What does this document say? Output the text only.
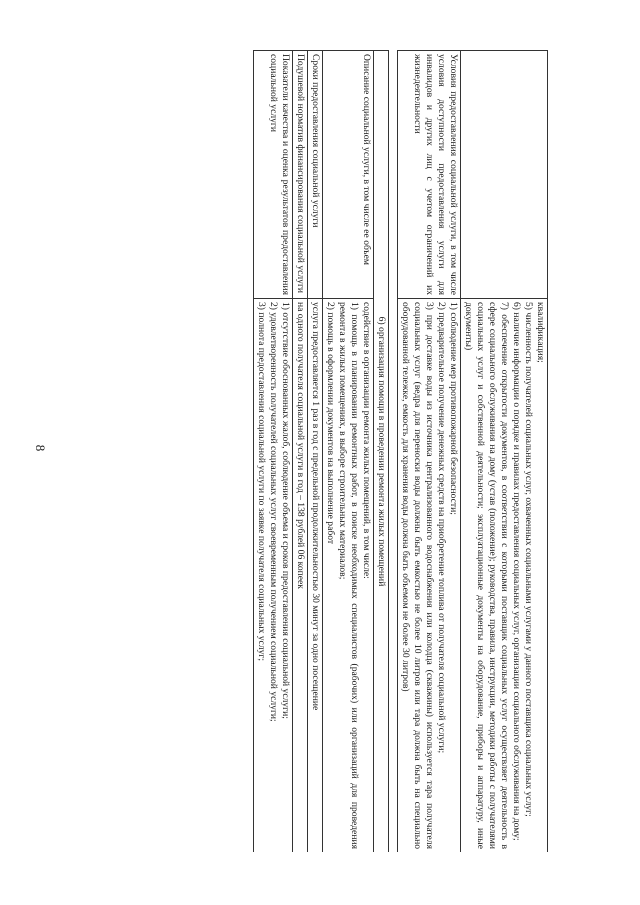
8

	квалификация;
5) численность получателей социальных услуг, охваченных социальными услугами у данного поставщика социальных услуг;
6) наличие информации о порядке и правилах предоставления социальных услуг, организации социального обслуживания на дому;
7) обеспечение открытости документов, в соответствии с которыми поставщик социальных услуг осуществляет деятельность в сфере социального обслуживания на дому (устав (положение); руководства, правила, инструкции, методики работы с получателями социальных услуг и собственной деятельности; эксплуатационные документы на оборудование, приборы и аппаратуру, иные документы)

Условия предоставления социальной услуги, в том числе условия доступности предоставления услуги для инвалидов и других лиц с учетом ограничений их жизнедеятельности	1) соблюдение мер противопожарной безопасности;
2) предварительное получение денежных средств на приобретение топлива от получателя социальной услуги;
3) при доставке воды из источника централизованного водоснабжения или колодца (скважины) используется тара получателя социальных услуг (ведра для переноски воды должны быть емкостью не более 10 литров или тара должна быть на специально оборудованной тележке, емкость для хранения воды должна быть объемом не более 30 литров)
6) организация помощи в проведении ремонта жилых помещений	
Описание социальной услуги, в том числе ее объем	содействие в организации ремонта жилых помещений, в том числе:
1) помощь в планировании ремонтных работ, в поиске необходимых специалистов (рабочих) или организаций для проведения ремонта в жилых помещениях, в выборе строительных материалов;
2) помощь в оформлении документов на выполнение работ

Сроки предоставления социальной услуги	услуга предоставляется 1 раз в год с предельной продолжительностью 30 минут за одно посещение

Подушевой норматив финансирования социальной услуги	на одного получателя социальной услуги в год – 138 рублей 06 копеек

Показатели качества и оценка результатов предоставления социальной услуги	1) отсутствие обоснованных жалоб, соблюдение объема и сроков предоставления социальной услуги;
2) удовлетворенность получателей социальных услуг своевременным получением социальной услуги;
3) полнота предоставления социальной услуги по заявке получателя социальных услуг;
